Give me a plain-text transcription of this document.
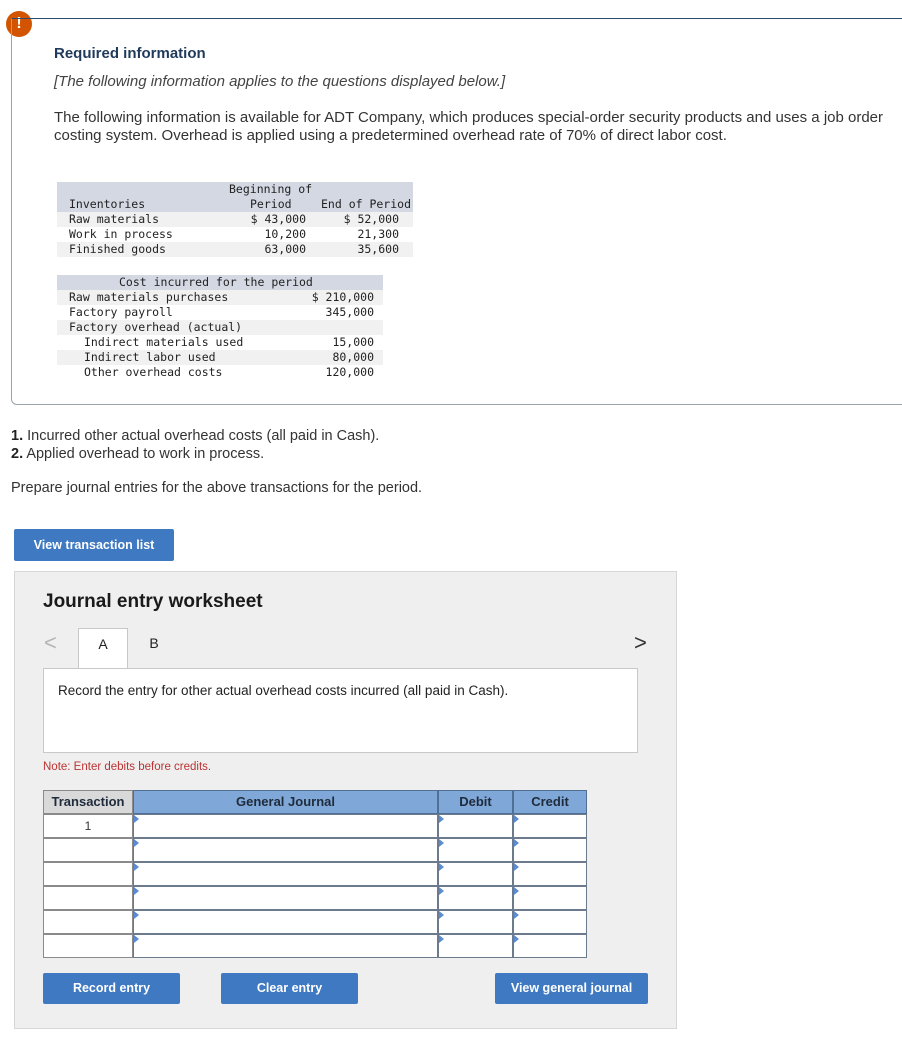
!
Required information
[The following information applies to the questions displayed below.]
The following information is available for ADT Company, which produces special-order security products and uses a job order costing system. Overhead is applied using a predetermined overhead rate of 70% of direct labor cost.
Beginning of
Period	End of Period
Inventories
Raw materials	$ 43,000	$ 52,000
Work in process	10,200	21,300
Finished goods	63,000	35,600
Cost incurred for the period
Raw materials purchases	$ 210,000
Factory payroll	345,000
Factory overhead (actual)
Indirect materials used	15,000
Indirect labor used	80,000
Other overhead costs	120,000
1. Incurred other actual overhead costs (all paid in Cash).
2. Applied overhead to work in process.
Prepare journal entries for the above transactions for the period.
View transaction list
Journal entry worksheet
<	>
A	B
Record the entry for other actual overhead costs incurred (all paid in Cash).
Note: Enter debits before credits.
Transaction	General Journal	Debit	Credit
1
Record entry	Clear entry	View general journal
